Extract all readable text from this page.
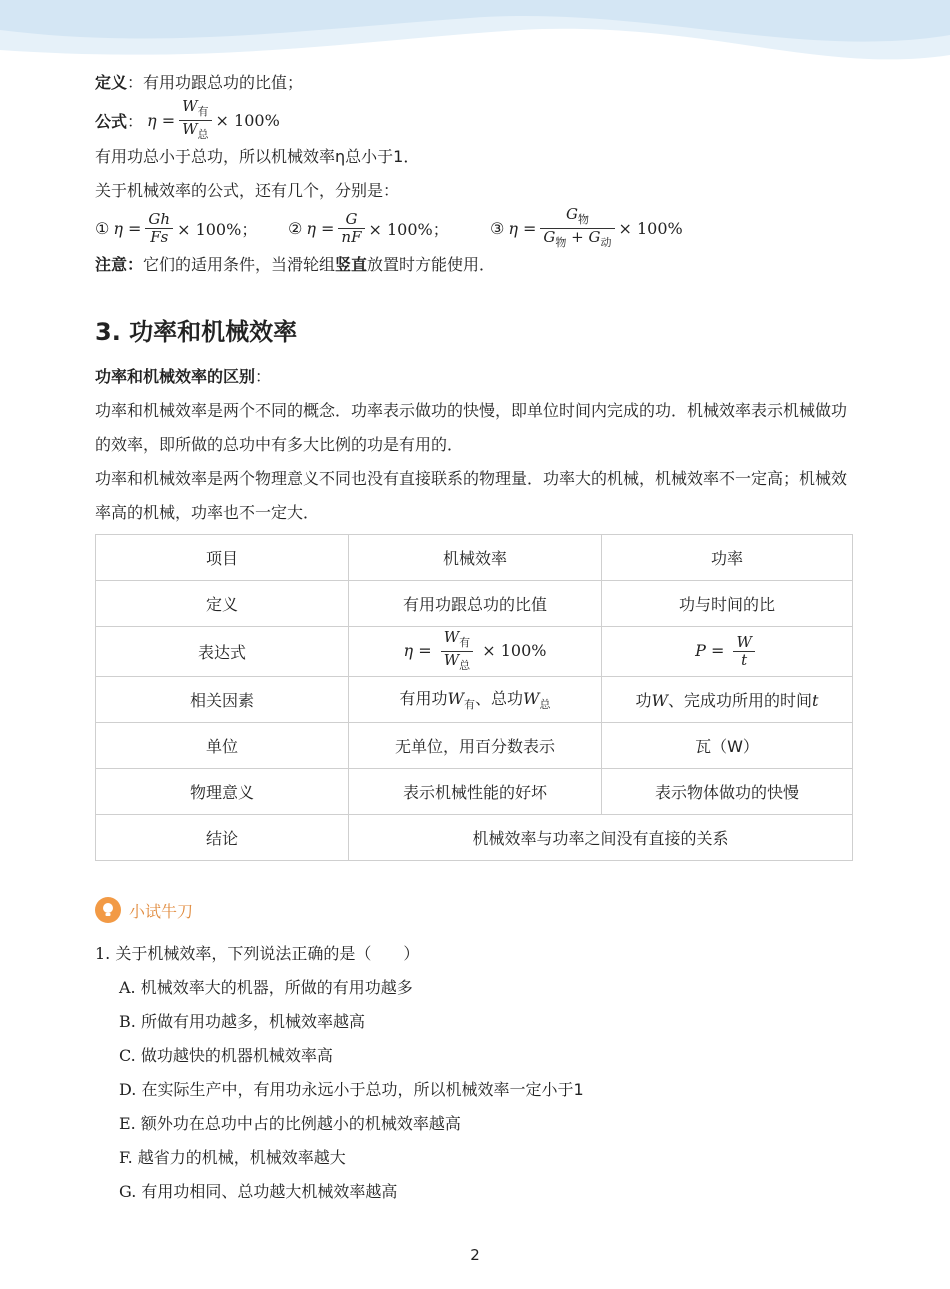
定义：有用功跟总功的比值；
公式 ： $\eta = \frac{W_有}{W_总} \times 100\%$
有用功总小于总功，所以机械效率η总小于1．
关于机械效率的公式，还有几个，分别是：
① $\eta = \frac{Gh}{Fs} \times 100\%$； ② $\eta = \frac{G}{nF} \times 100\%$；	③ $\eta = \frac{G_物}{G_物 + G_动} \times 100\%$
注意：它们的适用条件，当滑轮组竖直放置时方能使用．
3. 功率和机械效率
功率和机械效率的区别：
功率和机械效率是两个不同的概念．功率表示做功的快慢，即单位时间内完成的功．机械效率表示机械做功的效率，即所做的总功中有多大比例的功是有用的．
功率和机械效率是两个物理意义不同也没有直接联系的物理量．功率大的机械，机械效率不一定高；机械效率高的机械，功率也不一定大．
项目	机械效率	功率
定义	有用功跟总功的比值	功与时间的比
表达式	$\eta = \frac{W_有}{W_总} \times 100\%$	$P = \frac{W}{t}$

相关因素	有用功$W_有$、总功$W_总$	功W、完成功所用的时间t
单位	无单位，用百分数表示	瓦（W）
物理意义	表示机械性能的好坏	表示物体做功的快慢
结论	机械效率与功率之间没有直接的关系	
小试牛刀
1. 关于机械效率，下列说法正确的是（　　）
A. 机械效率大的机器，所做的有用功越多
B. 所做有用功越多，机械效率越高
C. 做功越快的机器机械效率高
D. 在实际生产中，有用功永远小于总功，所以机械效率一定小于1
E. 额外功在总功中占的比例越小的机械效率越高
F. 越省力的机械，机械效率越大
G. 有用功相同、总功越大机械效率越高
2
